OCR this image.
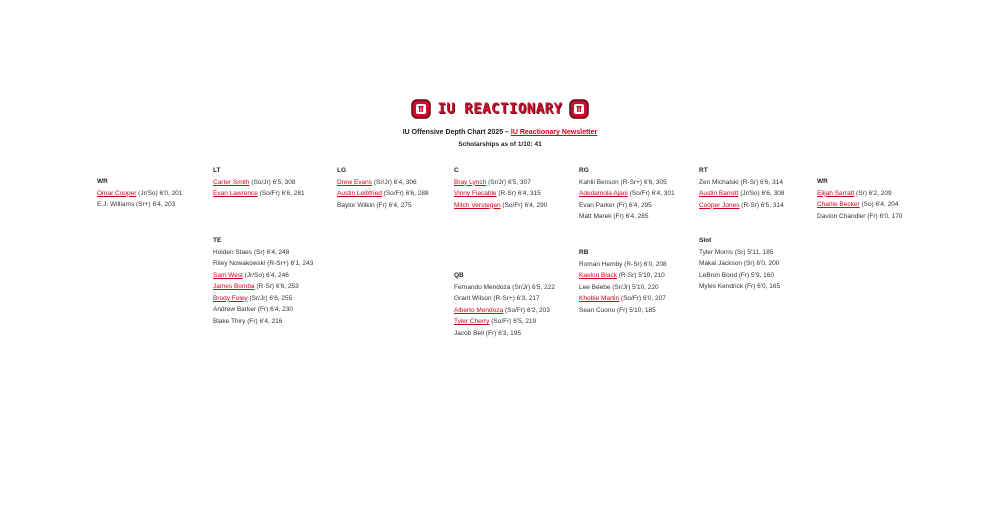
IU REACTIONARY
IU Offensive Depth Chart 2025 – IU Reactionary Newsletter
Scholarships as of 1/10: 41
WR
Omar Cooper (Jr/So) 6'0, 201
E.J. Williams (Sr+) 6'4, 203
LT
Carter Smith (So/Jr) 6'5, 308
Evan Lawrence (So/Fr) 6'6, 281
LG
Drew Evans (Sr/Jr) 6'4, 306
Austin Leibfried (So/Fr) 6'6, 288
Baylor Wilkin (Fr) 6'4, 275
C
Bray Lynch (Sr/Jr) 6'5, 307
Vinny Fiacable (R-Sr) 6'4, 315
Mitch Verstegen (So/Fr) 6'4, 290
RG
Kahlil Benson (R-Sr+) 6'6, 305
Adedamola Ajani (So/Fr) 6'4, 301
Evan Parker (Fr) 6'4, 295
Matt Marek (Fr) 6'4, 285
RT
Zen Michalski (R-Sr) 6'6, 314
Austin Barrett (Jr/So) 6'6, 308
Cooper Jones (R-Sr) 6'5, 314
WR
Elijah Sarratt (Sr) 6'2, 209
Charlie Becker (So) 6'4, 204
Davion Chandler (Fr) 6'0, 170
TE
Holden Staes (Sr) 6'4, 248
Riley Nowakowski (R-Sr+) 6'1, 243
Sam West (Jr/So) 6'4, 246
James Bomba (R-Sr) 6'6, 253
Brody Foley (Sr/Jr) 6'6, 255
Andrew Barker (Fr) 6'4, 230
Blake Thiry (Fr) 6'4, 216
QB
Fernando Mendoza (Sr/Jr) 6'5, 222
Grant Wilson (R-Sr+) 6'3, 217
Alberto Mendoza (So/Fr) 6'2, 203
Tyler Cherry (So/Fr) 6'5, 219
Jacob Bell (Fr) 6'3, 195
RB
Roman Hemby (R-Sr) 6'0, 208
Kaelon Black (R-Sr) 5'10, 210
Lee Beebe (Sr/Jr) 5'10, 220
Khobie Martin (So/Fr) 6'0, 207
Sean Cuono (Fr) 5'10, 185
Slot
Tyler Morris (Sr) 5'11, 185
Makai Jackson (Sr) 6'0, 200
LeBron Bond (Fr) 5'9, 160
Myles Kendrick (Fr) 6'0, 165
